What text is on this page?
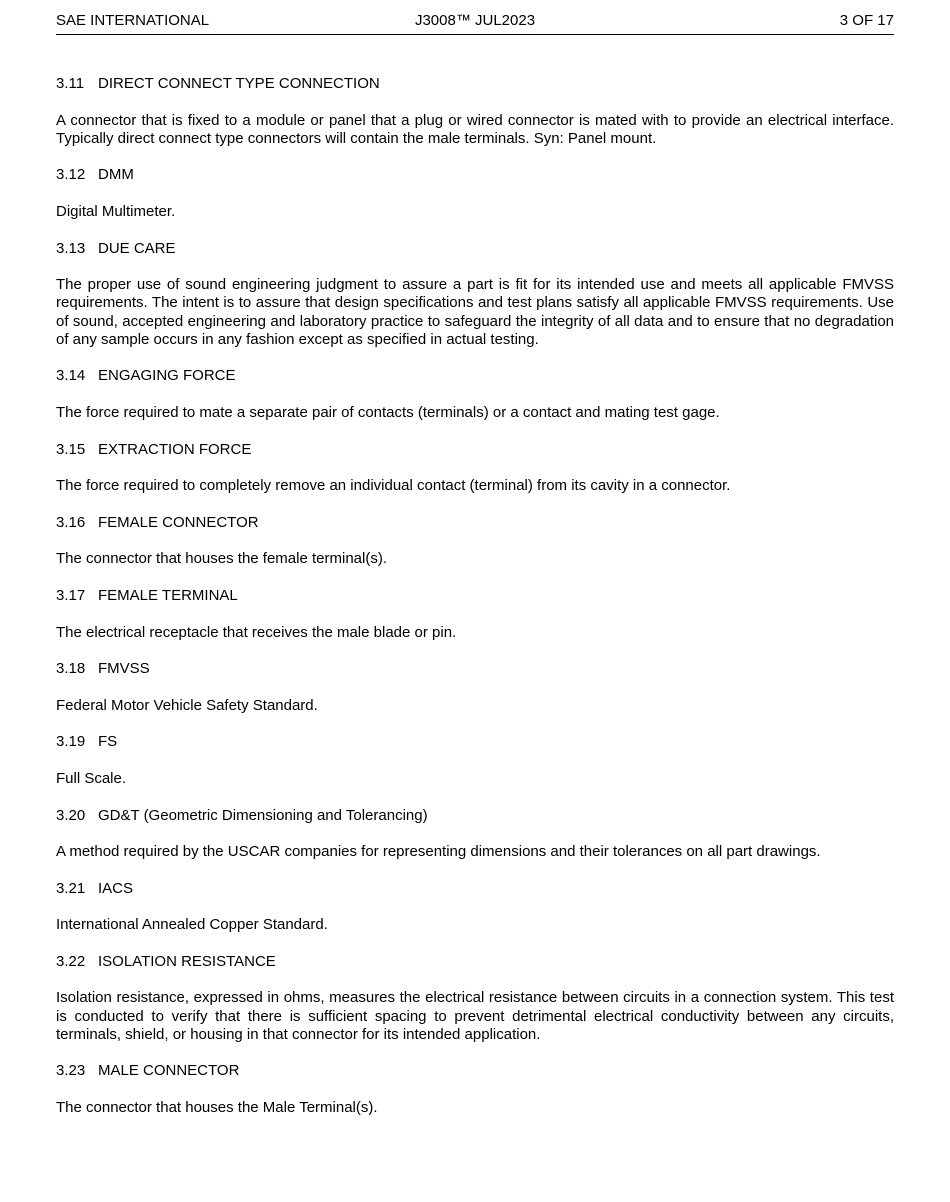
SAE INTERNATIONAL	J3008™ JUL2023	3 OF 17
3.11 DIRECT CONNECT TYPE CONNECTION
A connector that is fixed to a module or panel that a plug or wired connector is mated with to provide an electrical interface. Typically direct connect type connectors will contain the male terminals. Syn: Panel mount.
3.12 DMM
Digital Multimeter.
3.13 DUE CARE
The proper use of sound engineering judgment to assure a part is fit for its intended use and meets all applicable FMVSS requirements. The intent is to assure that design specifications and test plans satisfy all applicable FMVSS requirements. Use of sound, accepted engineering and laboratory practice to safeguard the integrity of all data and to ensure that no degradation of any sample occurs in any fashion except as specified in actual testing.
3.14 ENGAGING FORCE
The force required to mate a separate pair of contacts (terminals) or a contact and mating test gage.
3.15 EXTRACTION FORCE
The force required to completely remove an individual contact (terminal) from its cavity in a connector.
3.16 FEMALE CONNECTOR
The connector that houses the female terminal(s).
3.17 FEMALE TERMINAL
The electrical receptacle that receives the male blade or pin.
3.18 FMVSS
Federal Motor Vehicle Safety Standard.
3.19 FS
Full Scale.
3.20 GD&T (Geometric Dimensioning and Tolerancing)
A method required by the USCAR companies for representing dimensions and their tolerances on all part drawings.
3.21 IACS
International Annealed Copper Standard.
3.22 ISOLATION RESISTANCE
Isolation resistance, expressed in ohms, measures the electrical resistance between circuits in a connection system. This test is conducted to verify that there is sufficient spacing to prevent detrimental electrical conductivity between any circuits, terminals, shield, or housing in that connector for its intended application.
3.23 MALE CONNECTOR
The connector that houses the Male Terminal(s).
